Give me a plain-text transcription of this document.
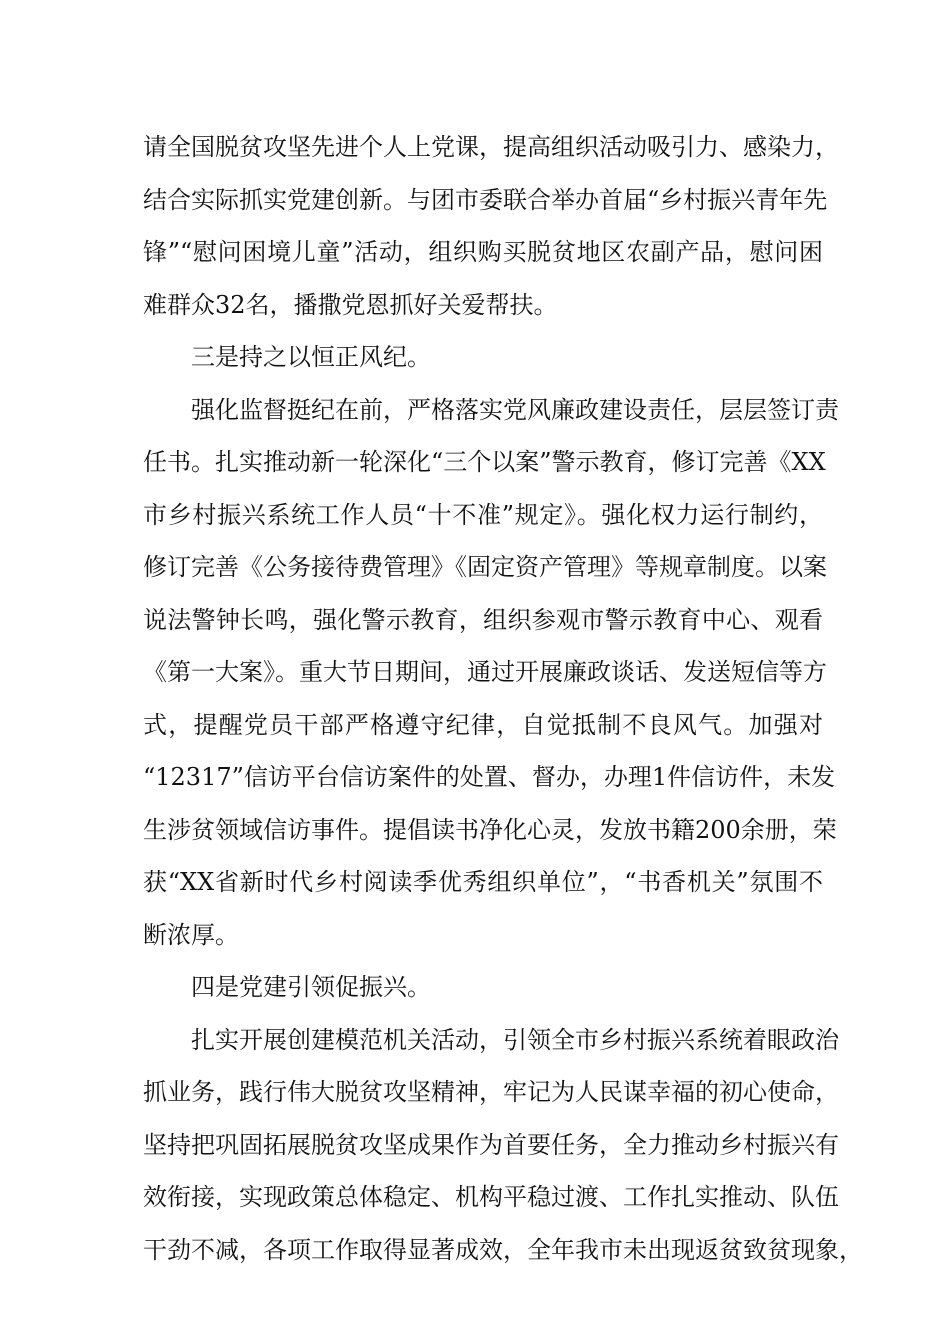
请全国脱贫攻坚先进个人上党课，提高组织活动吸引力、感染力，
结合实际抓实党建创新。与团市委联合举办首届“乡村振兴青年先
锋”“慰问困境儿童”活动，组织购买脱贫地区农副产品，慰问困
难群众32名，播撒党恩抓好关爱帮扶。
三是持之以恒正风纪。
强化监督挺纪在前，严格落实党风廉政建设责任，层层签订责
任书。扎实推动新一轮深化“三个以案”警示教育，修订完善《XX
市乡村振兴系统工作人员“十不准”规定》。强化权力运行制约，
修订完善《公务接待费管理》《固定资产管理》等规章制度。以案
说法警钟长鸣，强化警示教育，组织参观市警示教育中心、观看
《第一大案》。重大节日期间，通过开展廉政谈话、发送短信等方
式，提醒党员干部严格遵守纪律，自觉抵制不良风气。加强对
“12317”信访平台信访案件的处置、督办，办理1件信访件，未发
生涉贫领域信访事件。提倡读书净化心灵，发放书籍200余册，荣
获“XX省新时代乡村阅读季优秀组织单位”，“书香机关”氛围不
断浓厚。
四是党建引领促振兴。
扎实开展创建模范机关活动，引领全市乡村振兴系统着眼政治
抓业务，践行伟大脱贫攻坚精神，牢记为人民谋幸福的初心使命，
坚持把巩固拓展脱贫攻坚成果作为首要任务，全力推动乡村振兴有
效衔接，实现政策总体稳定、机构平稳过渡、工作扎实推动、队伍
干劲不减，各项工作取得显著成效，全年我市未出现返贫致贫现象，
